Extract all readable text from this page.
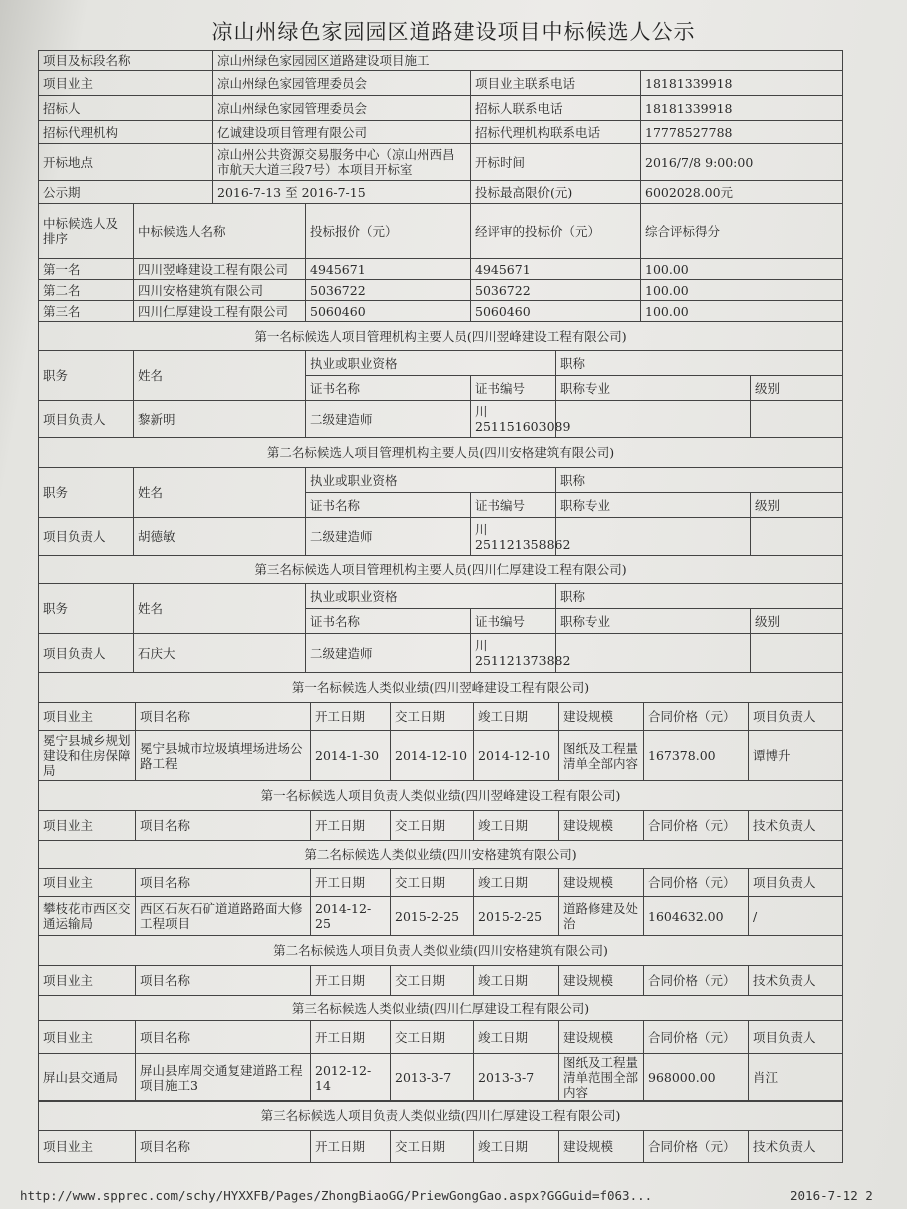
凉山州绿色家园园区道路建设项目中标候选人公示
项目及标段名称	凉山州绿色家园园区道路建设项目施工		
项目业主	凉山州绿色家园管理委员会	项目业主联系电话	18181339918
招标人	凉山州绿色家园管理委员会	招标人联系电话	18181339918
招标代理机构	亿诚建设项目管理有限公司	招标代理机构联系电话	17778527788
开标地点	凉山州公共资源交易服务中心（凉山州西昌市航天大道三段7号）本项目开标室	开标时间	2016/7/8 9:00:00
公示期	2016-7-13 至 2016-7-15	投标最高限价(元)	6002028.00元
中标候选人及排序	中标候选人名称	投标报价（元）	经评审的投标价（元）	综合评标得分
第一名	四川翌峰建设工程有限公司	4945671	4945671	100.00
第二名	四川安格建筑有限公司	5036722	5036722	100.00
第三名	四川仁厚建设工程有限公司	5060460	5060460	100.00
第一名标候选人项目管理机构主要人员(四川翌峰建设工程有限公司)					
职务	姓名	执业或职业资格		职称	
		证书名称	证书编号	职称专业	级别
项目负责人	黎新明	二级建造师	川251151603089		
第二名标候选人项目管理机构主要人员(四川安格建筑有限公司)					
职务	姓名	执业或职业资格		职称	
		证书名称	证书编号	职称专业	级别
项目负责人	胡德敏	二级建造师	川251121358862		
第三名标候选人项目管理机构主要人员(四川仁厚建设工程有限公司)					
职务	姓名	执业或职业资格		职称	
		证书名称	证书编号	职称专业	级别
项目负责人	石庆大	二级建造师	川251121373882		
第一名标候选人类似业绩(四川翌峰建设工程有限公司)							
项目业主	项目名称	开工日期	交工日期	竣工日期	建设规模	合同价格（元）	项目负责人
冕宁县城乡规划建设和住房保障局	冕宁县城市垃圾填埋场进场公路工程	2014-1-30	2014-12-10	2014-12-10	图纸及工程量清单全部内容	167378.00	谭博升
第一名标候选人项目负责人类似业绩(四川翌峰建设工程有限公司)
项目业主	项目名称	开工日期	交工日期	竣工日期	建设规模	合同价格（元）	技术负责人
第二名标候选人类似业绩(四川安格建筑有限公司)							
项目业主	项目名称	开工日期	交工日期	竣工日期	建设规模	合同价格（元）	项目负责人
攀枝花市西区交通运输局	西区石灰石矿道道路路面大修工程项目	2014-12-25	2015-2-25	2015-2-25	道路修建及处治	1604632.00	/
第二名标候选人项目负责人类似业绩(四川安格建筑有限公司)
项目业主	项目名称	开工日期	交工日期	竣工日期	建设规模	合同价格（元）	技术负责人
第三名标候选人类似业绩(四川仁厚建设工程有限公司)							
项目业主	项目名称	开工日期	交工日期	竣工日期	建设规模	合同价格（元）	项目负责人
屏山县交通局	屏山县库周交通复建道路工程项目施工3	2012-12-14	2013-3-7	2013-3-7	图纸及工程量清单范围全部内容	968000.00	肖江
第三名标候选人项目负责人类似业绩(四川仁厚建设工程有限公司)
项目业主	项目名称	开工日期	交工日期	竣工日期	建设规模	合同价格（元）	技术负责人
http://www.spprec.com/schy/HYXXFB/Pages/ZhongBiaoGG/PriewGongGao.aspx?GGGuid=f063...	2016-7-12 2
